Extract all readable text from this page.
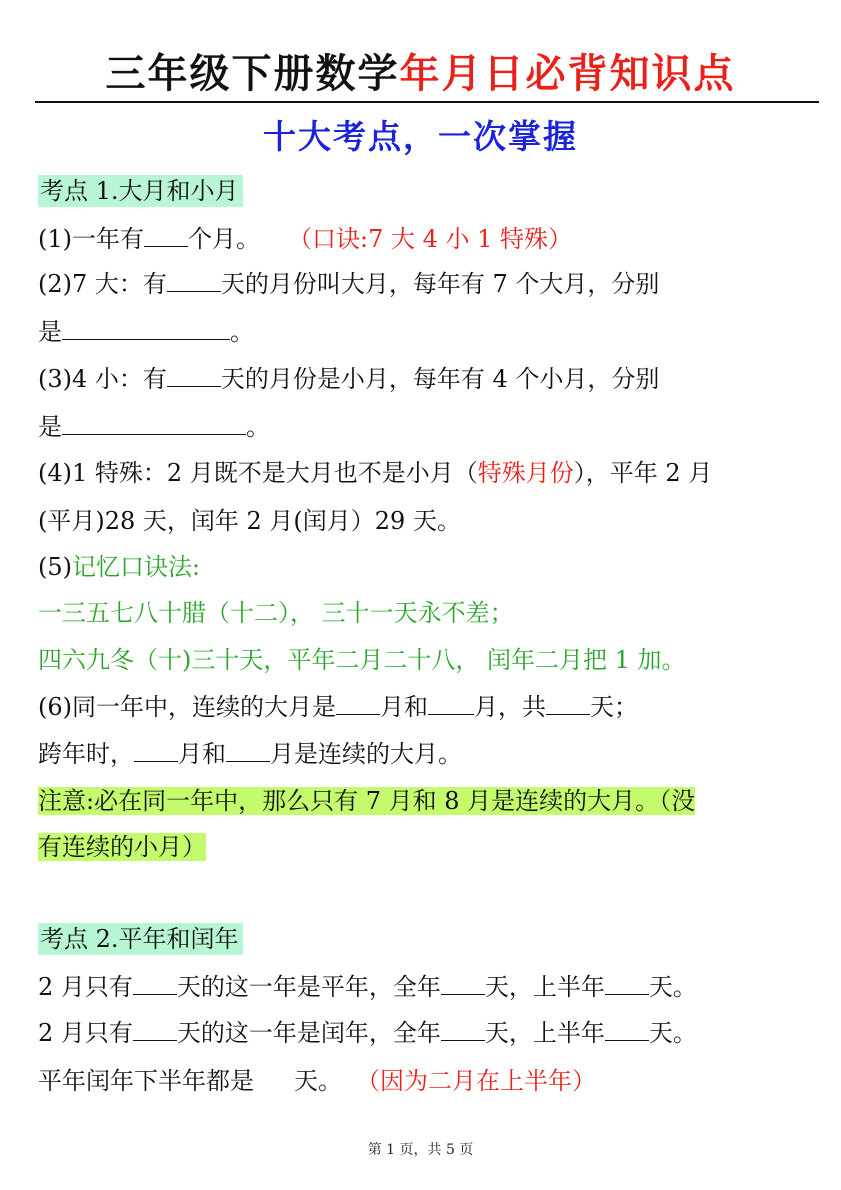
三年级下册数学年月日必背知识点
十大考点，一次掌握
考点 1.大月和小月
(1)一年有 个月。 （口诀:7 大 4 小 1 特殊）
(2)7 大：有 天的月份叫大月，每年有 7 个大月，分别
是	。
(3)4 小：有 天的月份是小月，每年有 4 个小月，分别
是	。
(4)1 特殊：2 月既不是大月也不是小月（特殊月份），平年 2 月
(平月)28 天，闰年 2 月(闰月）29 天。
(5)记忆口诀法:
一三五七八十腊（十二）， 三十一天永不差；
四六九冬（十)三十天，平年二月二十八， 闰年二月把 1 加。
(6)同一年中，连续的大月是 月和 月，共 天；
跨年时， 月和 月是连续的大月。
注意:必在同一年中，那么只有 7 月和 8 月是连续的大月。（没
有连续的小月）
考点 2.平年和闰年
2 月只有 天的这一年是平年，全年 天，上半年 天。
2 月只有 天的这一年是闰年，全年 天，上半年 天。
平年闰年下半年都是 天。 （因为二月在上半年）
第 1 页，共 5 页
